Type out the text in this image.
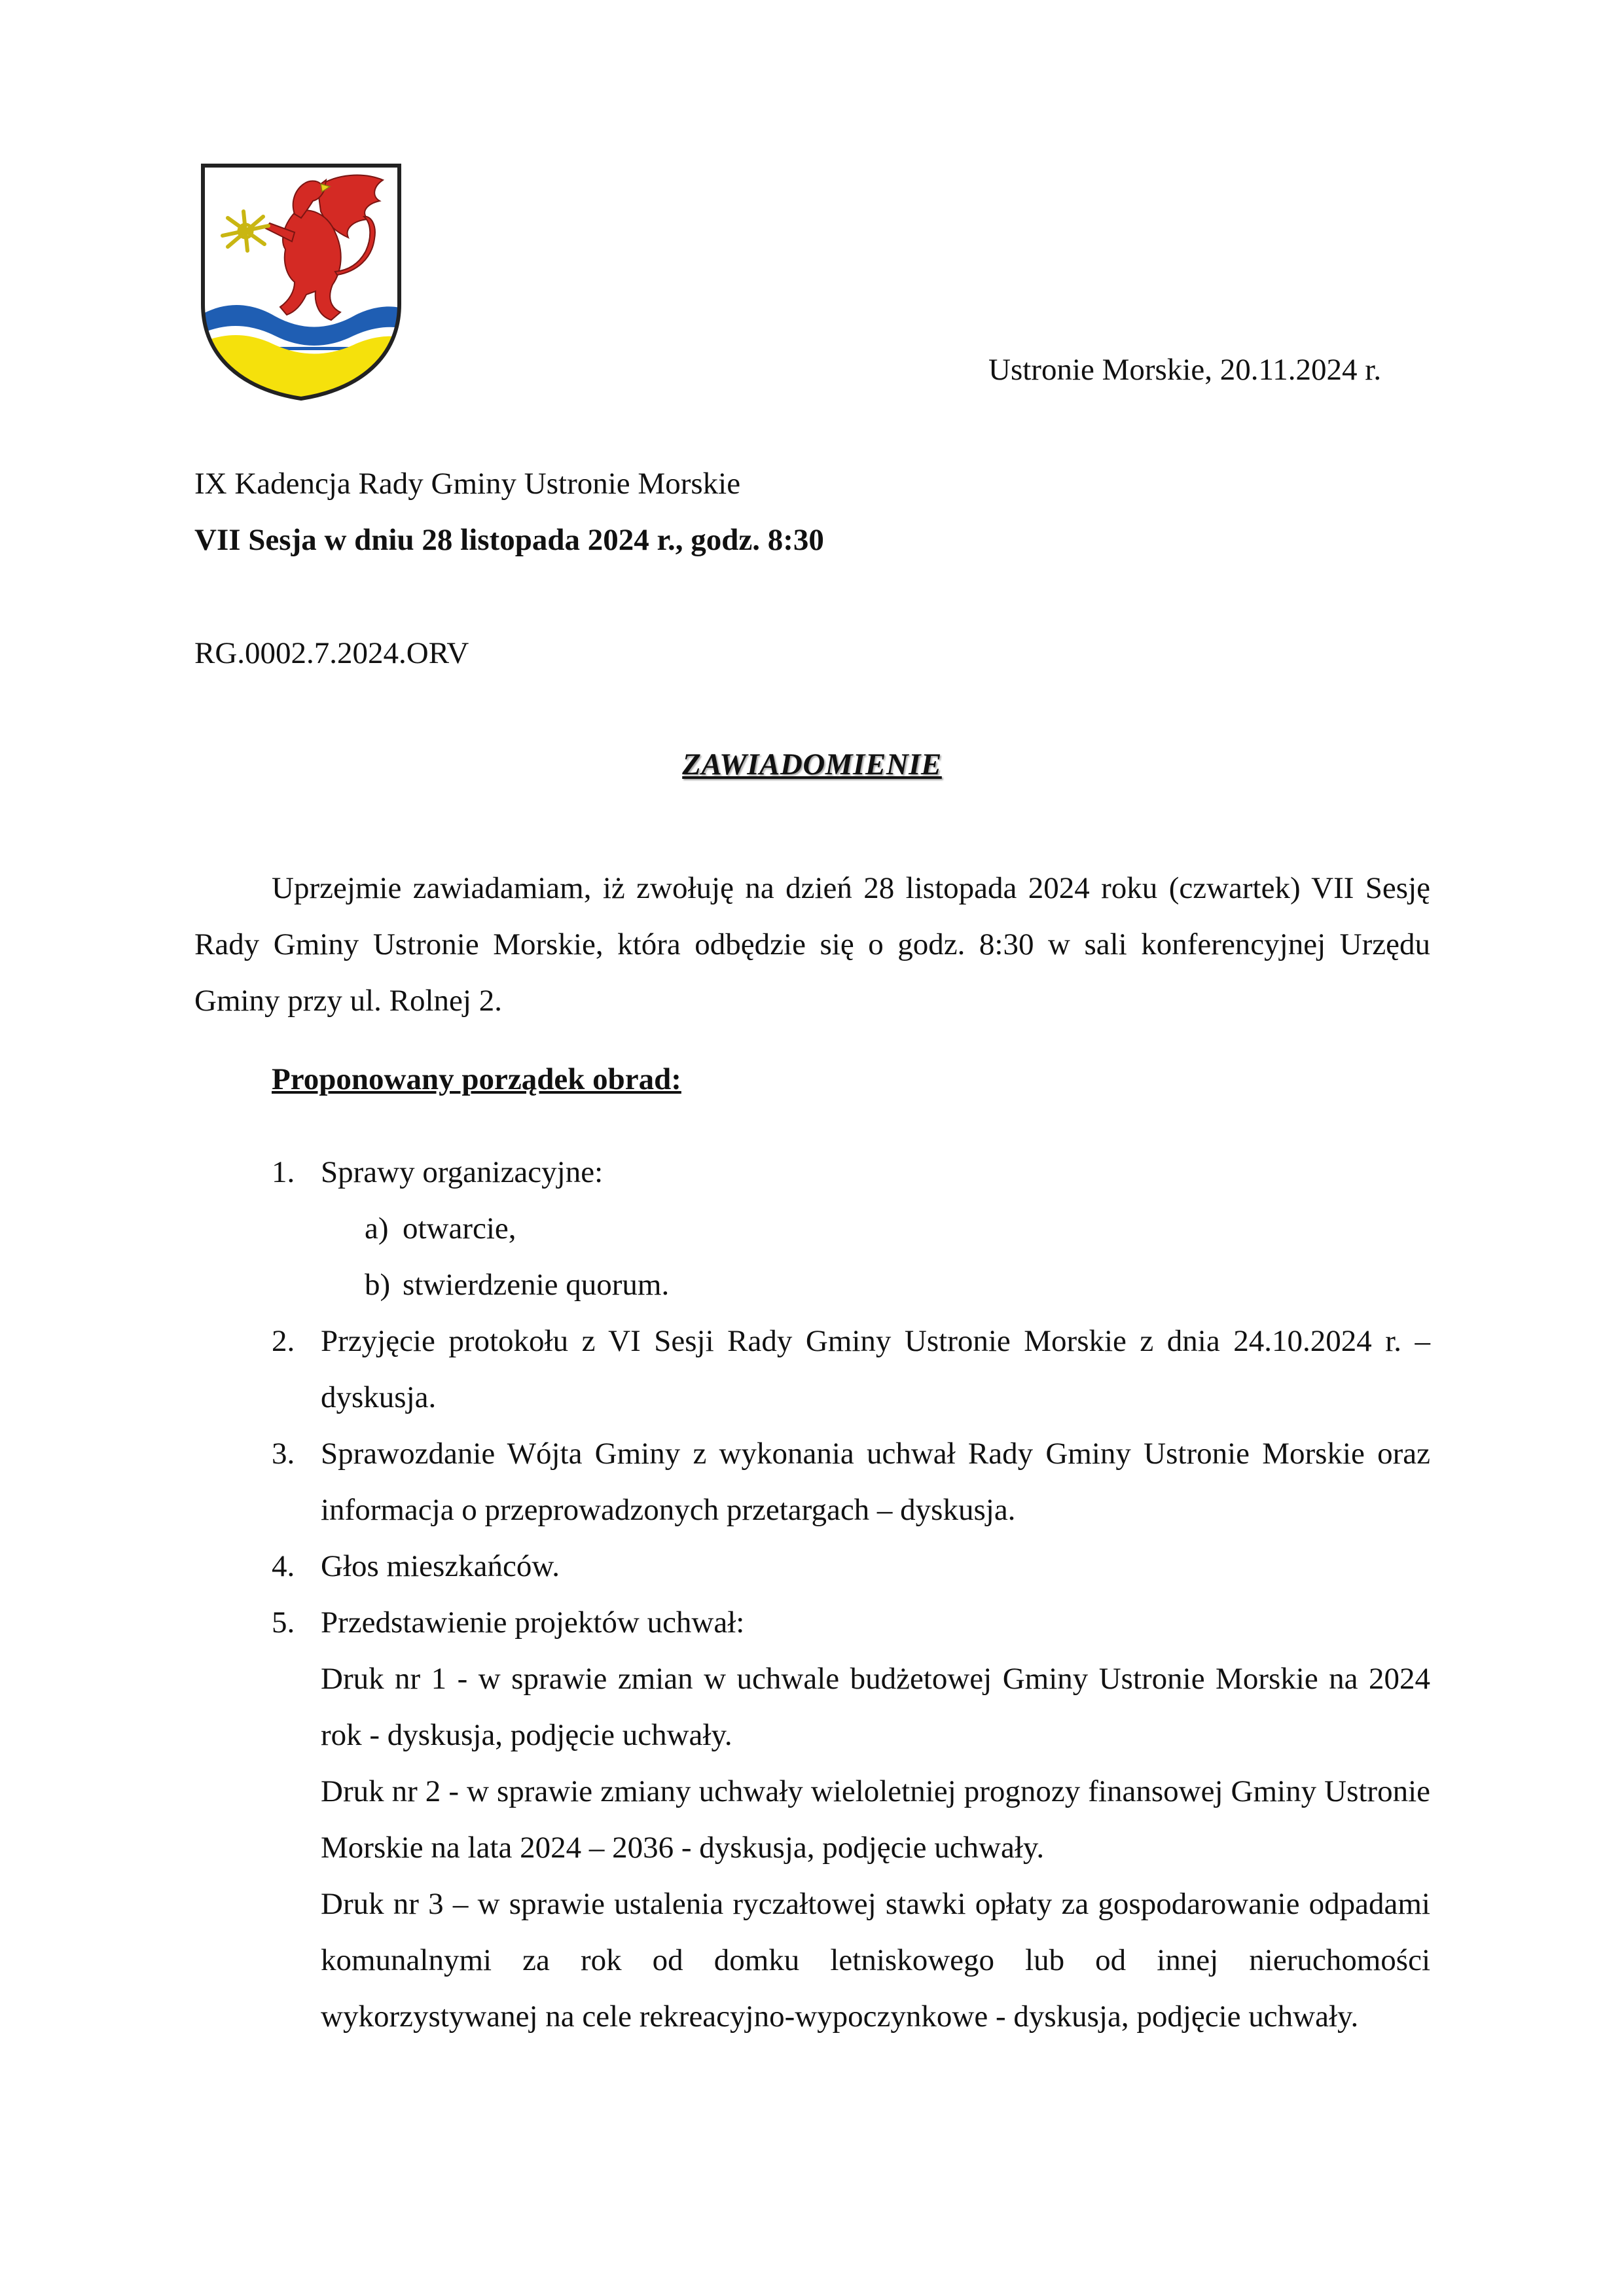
Ustronie Morskie, 20.11.2024 r.
IX Kadencja Rady Gminy Ustronie Morskie
VII Sesja w dniu 28 listopada 2024 r., godz. 8:30
RG.0002.7.2024.ORV
ZAWIADOMIENIE

Uprzejmie zawiadamiam, iż zwołuję na dzień 28 listopada 2024 roku (czwartek) VII Sesję Rady Gminy Ustronie Morskie, która odbędzie się o godz. 8:30 w sali konferencyjnej Urzędu Gminy przy ul. Rolnej 2.

Proponowany porządek obrad:
1. Sprawy organizacyjne:
a) otwarcie,
b) stwierdzenie quorum.
2. Przyjęcie protokołu z VI Sesji Rady Gminy Ustronie Morskie z dnia 24.10.2024 r. – dyskusja.
3. Sprawozdanie Wójta Gminy z wykonania uchwał Rady Gminy Ustronie Morskie oraz informacja o przeprowadzonych przetargach – dyskusja.
4. Głos mieszkańców.
5. Przedstawienie projektów uchwał:

Druk nr 1 - w sprawie zmian w uchwale budżetowej Gminy Ustronie Morskie na 2024 rok - dyskusja, podjęcie uchwały.

Druk nr 2 - w sprawie zmiany uchwały wieloletniej prognozy finansowej Gminy Ustronie Morskie na lata 2024 – 2036 - dyskusja, podjęcie uchwały.

Druk nr 3 – w sprawie ustalenia ryczałtowej stawki opłaty za gospodarowanie odpadami komunalnymi za rok od domku letniskowego lub od innej nieruchomości wykorzystywanej na cele rekreacyjno-wypoczynkowe - dyskusja, podjęcie uchwały.
